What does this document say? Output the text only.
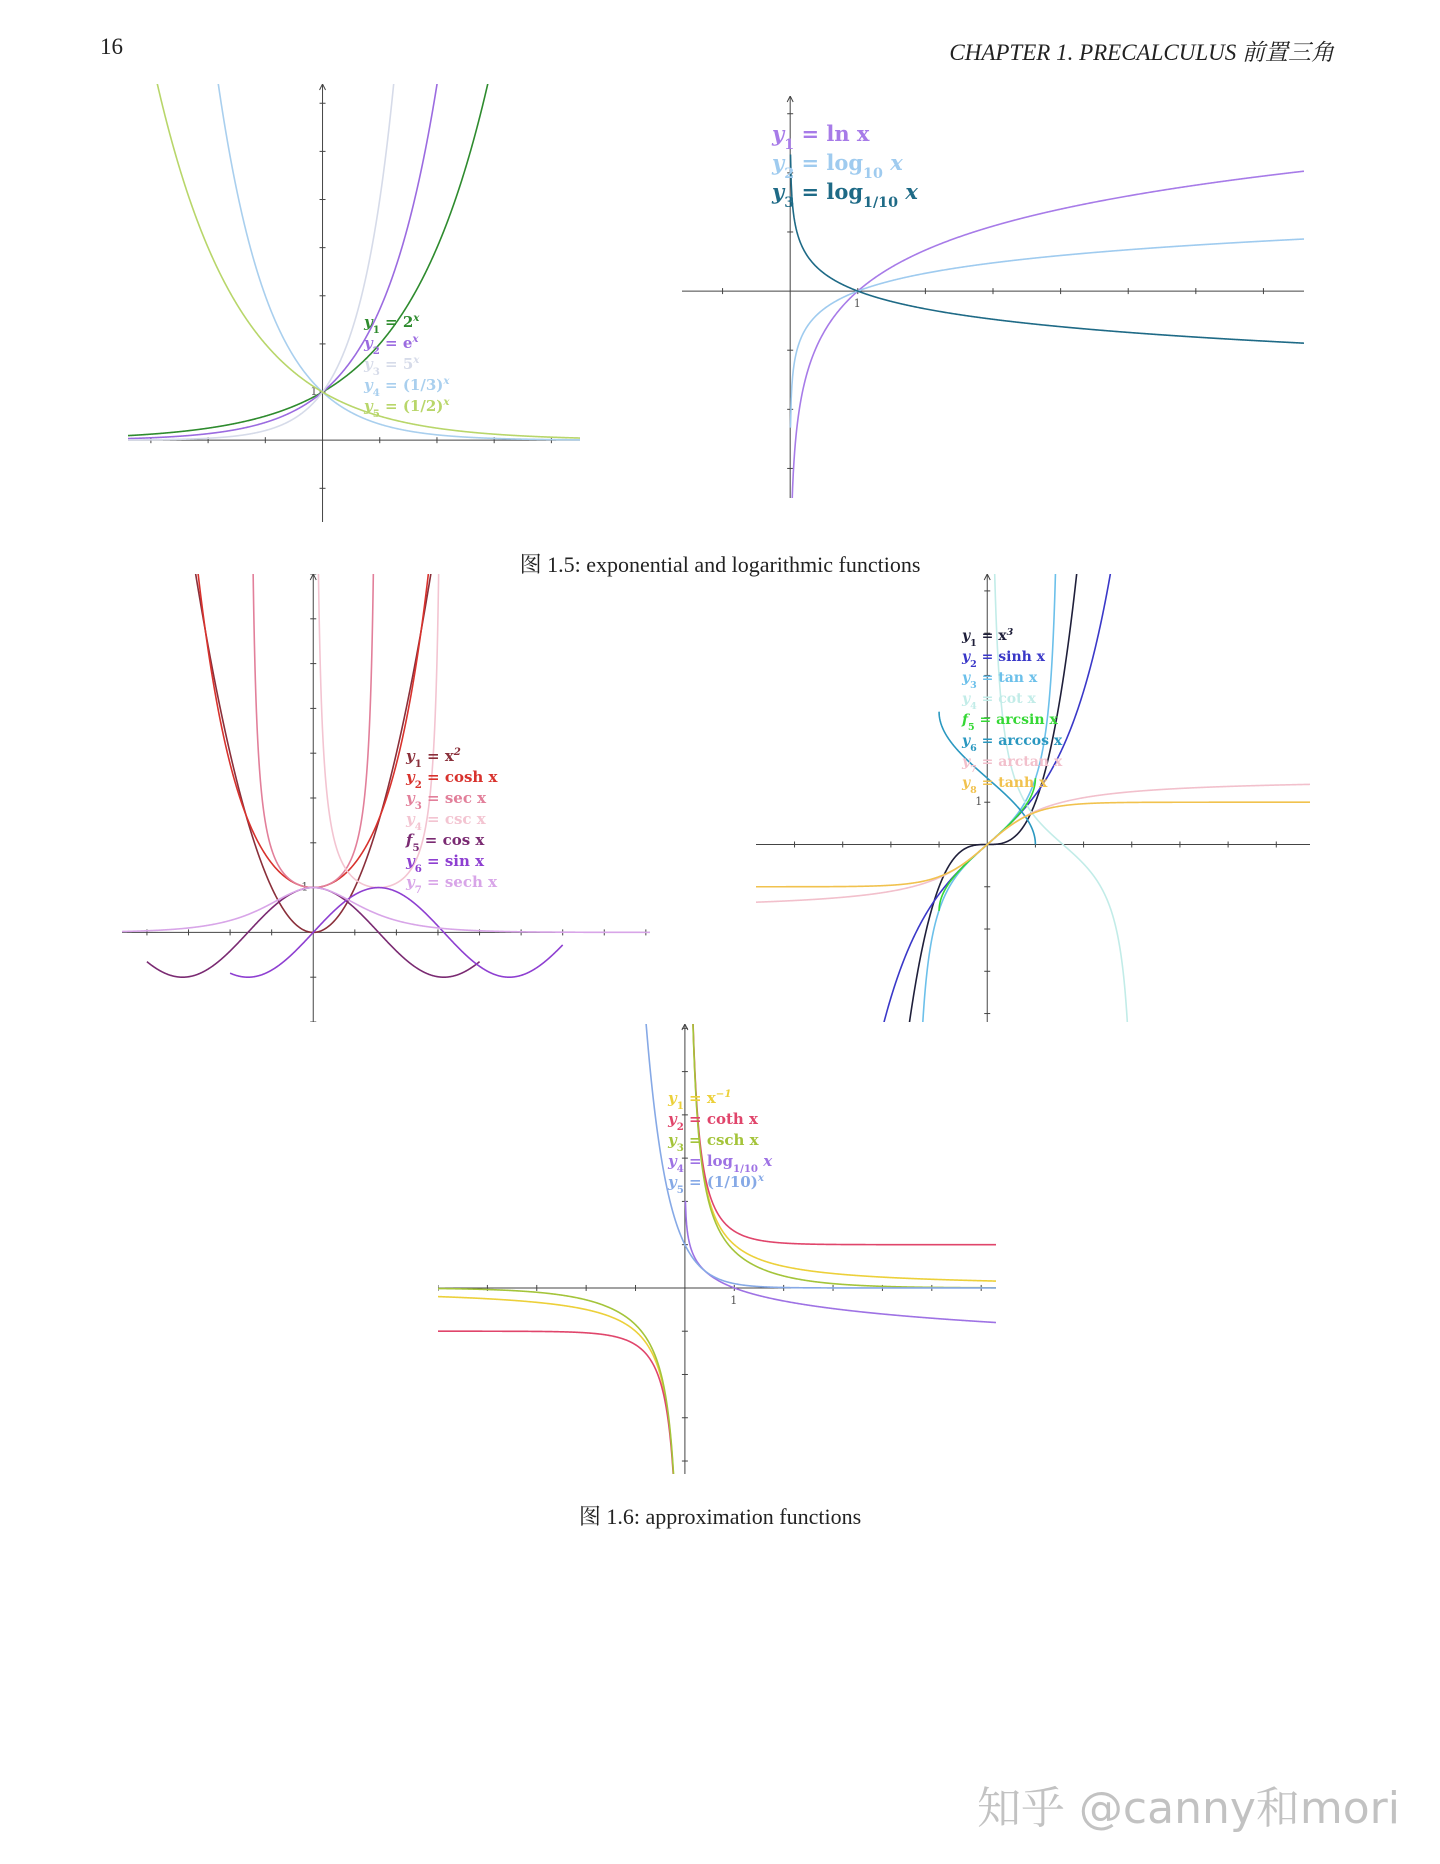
16	CHAPTER 1. PRECALCULUS 前置三角
1
$y_1 = 2^x$
$y_2 = e^x$
$y_3 = 5^x$
$y_4 = (1/3)^x$
$y_5 = (1/2)^x$
1
$y_1 = \ln x$
$y_2 = \log_{10} x$
$y_3 = \log_{1/10} x$
图 1.5: exponential and logarithmic functions
1
$y_1 = x^2$
$y_2 = \cosh x$
$y_3 = \sec x$
$y_4 = \csc x$
$f_5 = \cos x$
$y_6 = \sin x$
$y_7 = \sec h$ x
1
$y_1 = x^3$
$y_2 = \sinh x$
$y_3 = \tan x$
$y_4 = \cot x$
$f_5 = \arcsin x$
$y_6 = \arccos x$
$y_7 = \arctan x$
$y_8 = \tanh x$
1
$y_1 = x^{-1}$
$y_2 = \cot h$ x
$y_3 = \csc h$ x
$y_4 = \log_{1/10} x$
$y_5 = (1/10)^x$
图 1.6: approximation functions
知乎 @canny和mori
